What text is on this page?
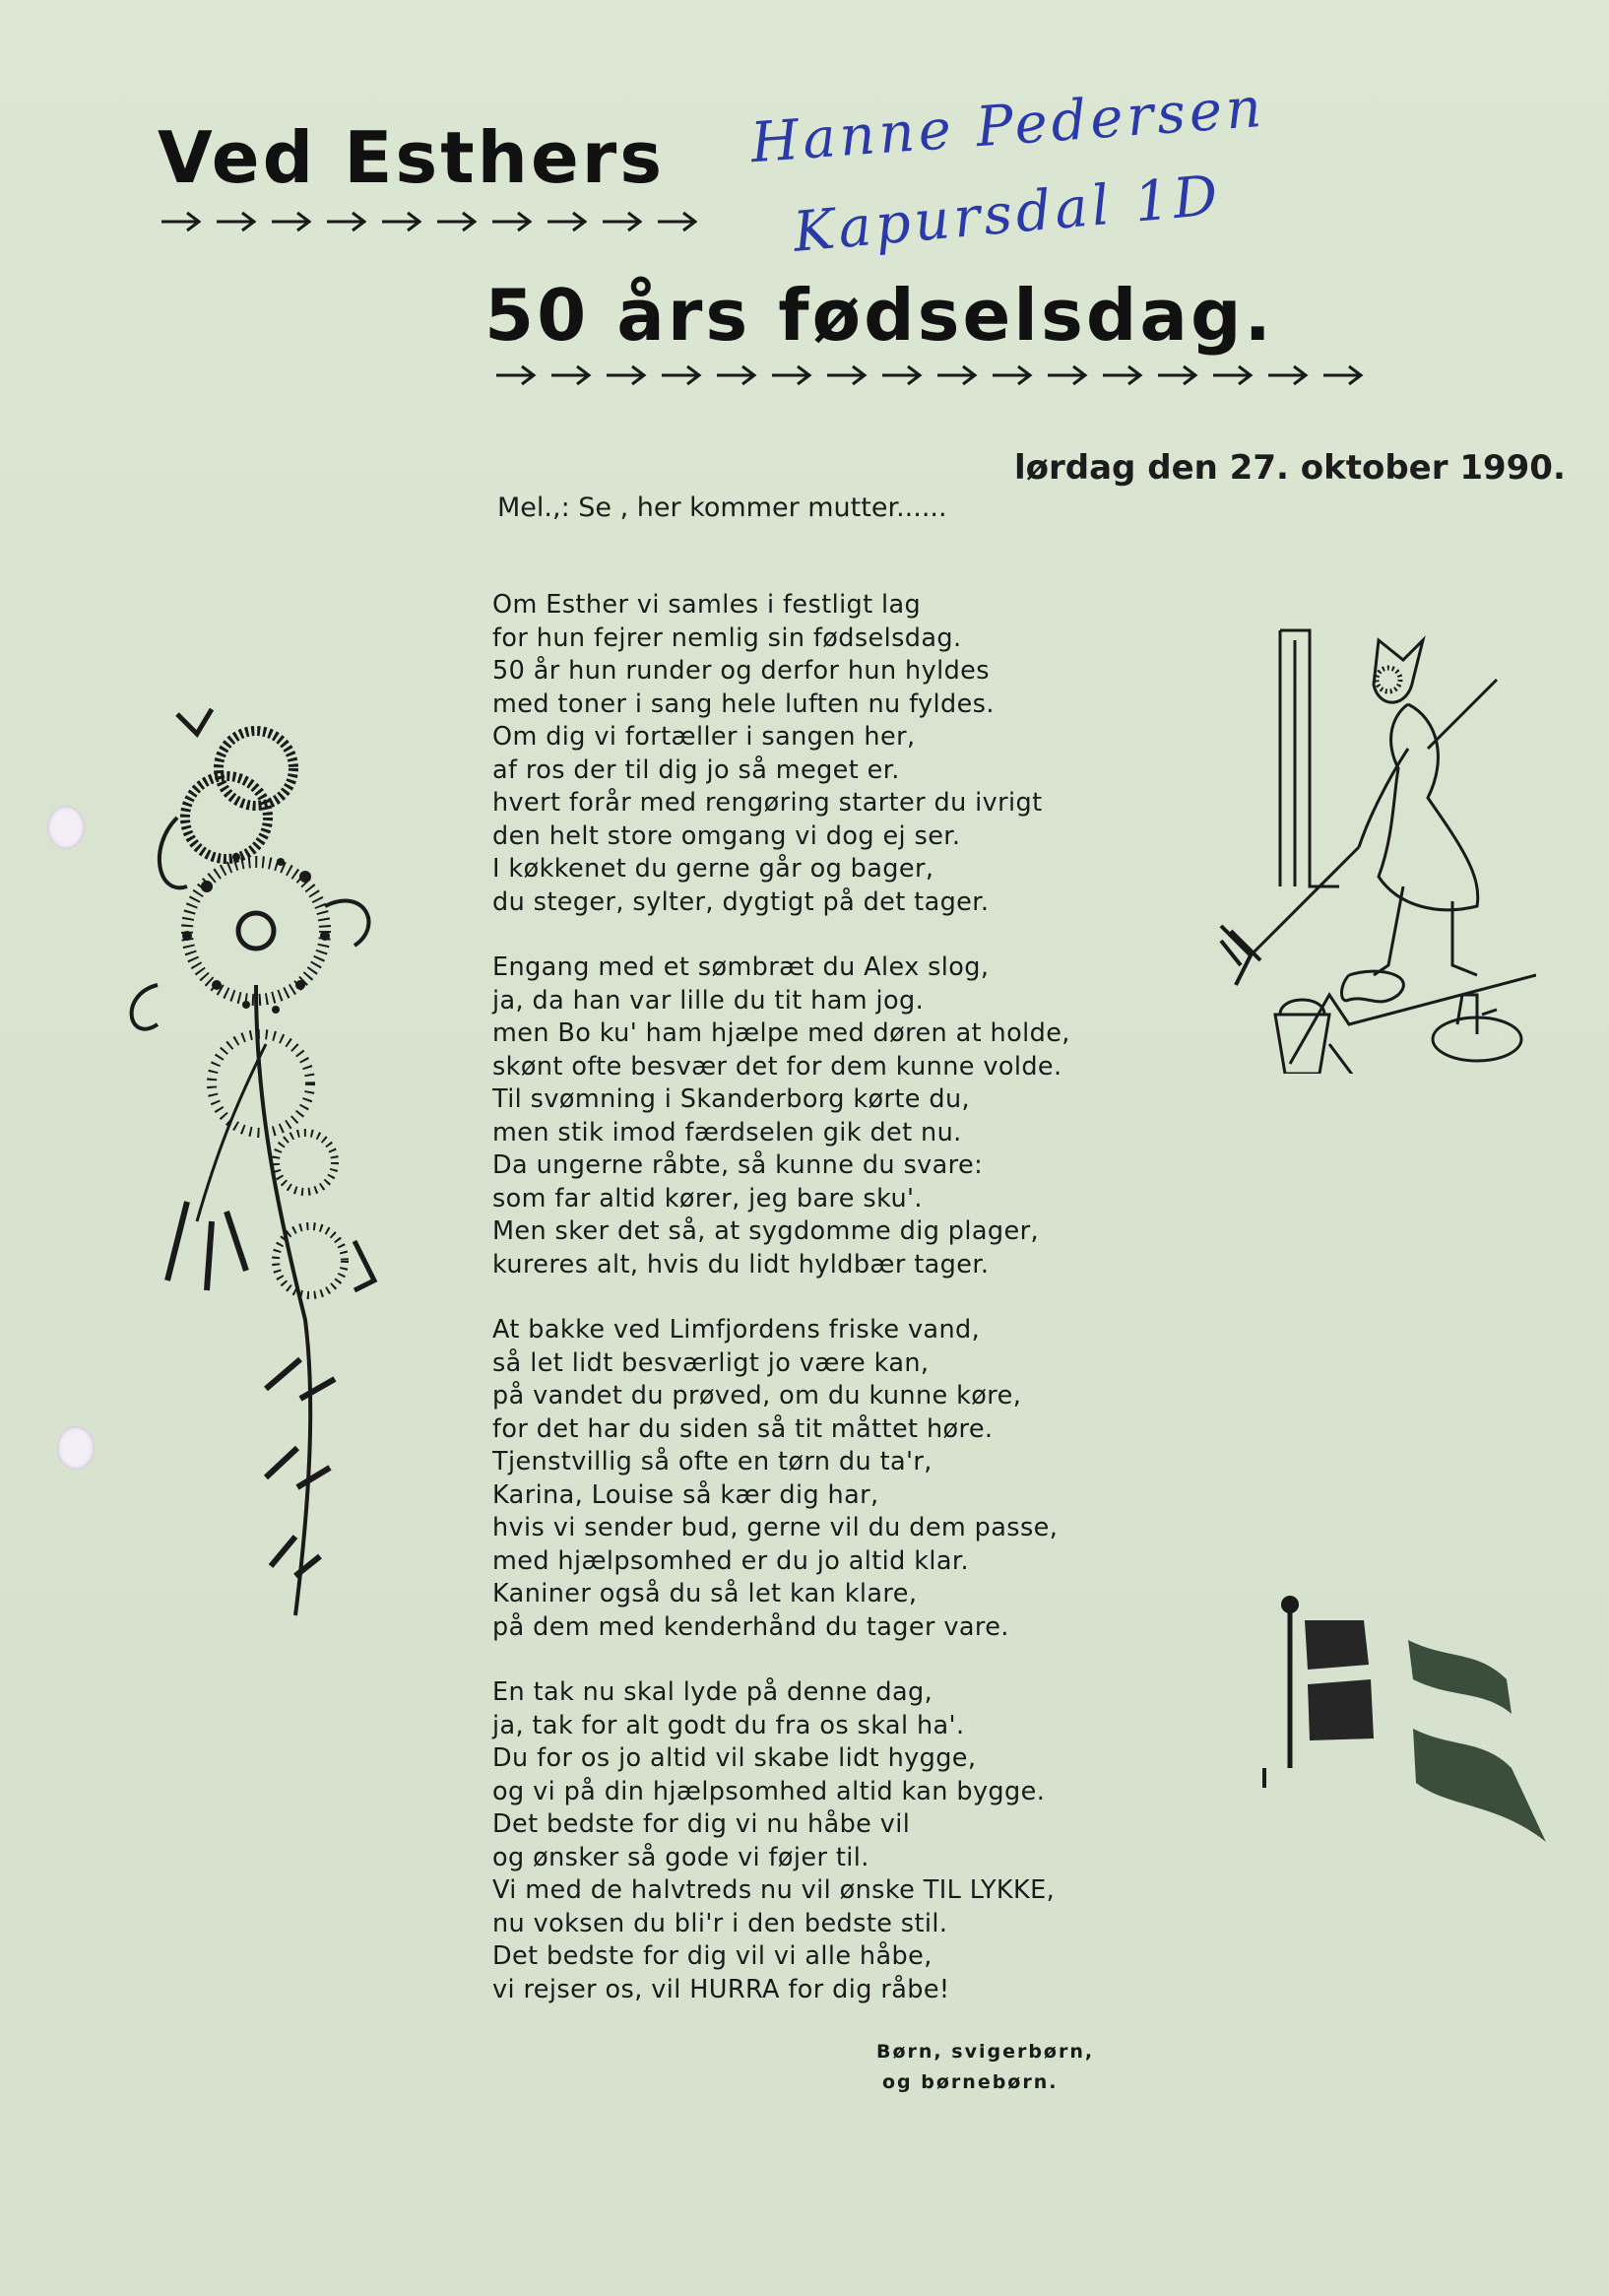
Ved Esthers
50 års fødselsdag.
Hanne Pedersen
Kapursdal 1D
lørdag den 27. oktober 1990.
Mel.,: Se , her kommer mutter......
Om Esther vi samles i festligt lag
for hun fejrer nemlig sin fødselsdag.
50 år hun runder og derfor hun hyldes
med toner i sang hele luften nu fyldes.
Om dig vi fortæller i sangen her,
af ros der til dig jo så meget er.
hvert forår med rengøring starter du ivrigt
den helt store omgang vi dog ej ser.
I køkkenet du gerne går og bager,
du steger, sylter, dygtigt på det tager.
Engang med et sømbræt du Alex slog,
ja, da han var lille du tit ham jog.
men Bo ku' ham hjælpe med døren at holde,
skønt ofte besvær det for dem kunne volde.
Til svømning i Skanderborg kørte du,
men stik imod færdselen gik det nu.
Da ungerne råbte, så kunne du svare:
som far altid kører, jeg bare sku'.
Men sker det så, at sygdomme dig plager,
kureres alt, hvis du lidt hyldbær tager.
At bakke ved Limfjordens friske vand,
så let lidt besværligt jo være kan,
på vandet du prøved, om du kunne køre,
for det har du siden så tit måttet høre.
Tjenstvillig så ofte en tørn du ta'r,
Karina, Louise så kær dig har,
hvis vi sender bud, gerne vil du dem passe,
med hjælpsomhed er du jo altid klar.
Kaniner også du så let kan klare,
på dem med kenderhånd du tager vare.
En tak nu skal lyde på denne dag,
ja, tak for alt godt du fra os skal ha'.
Du for os jo altid vil skabe lidt hygge,
og vi på din hjælpsomhed altid kan bygge.
Det bedste for dig vi nu håbe vil
og ønsker så gode vi føjer til.
Vi med de halvtreds nu vil ønske TIL LYKKE,
nu voksen du bli'r i den bedste stil.
Det bedste for dig vil vi alle håbe,
vi rejser os, vil HURRA for dig råbe!
Børn, svigerbørn,
og børnebørn.
